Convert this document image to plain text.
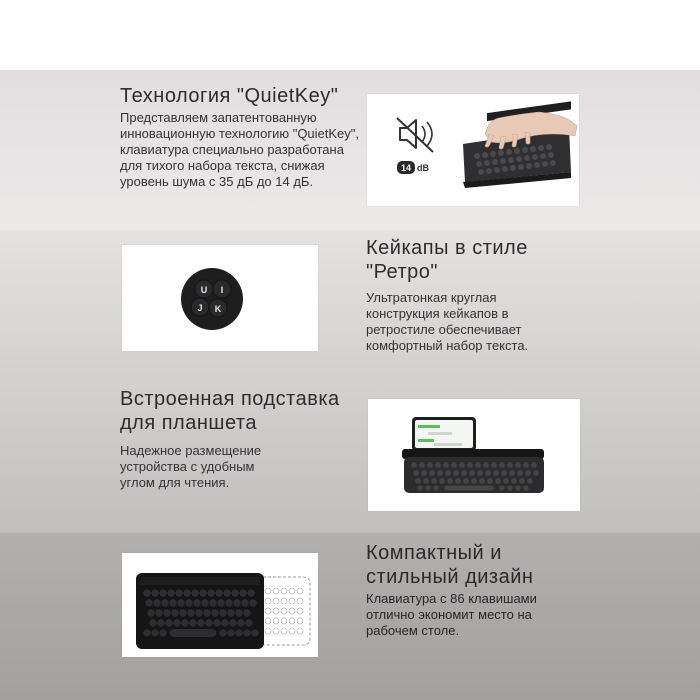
Технология "QuietKey"

Представляем запатентованную инновационную технологию "QuietKey", клавиатура специально разработана для тихого набора текста, снижая уровень шума с 35 дБ до 14 дБ.

14 dB
Кейкапы в стиле "Ретро"

Ультратонкая круглая конструкция кейкапов в ретростиле обеспечивает комфортный набор текста.

U I
J K
Встроенная подставка для планшета

Надежное размещение устройства с удобным углом для чтения.

Компактный и стильный дизайн

Клавиатура с 86 клавишами отлично экономит место на рабочем столе.
